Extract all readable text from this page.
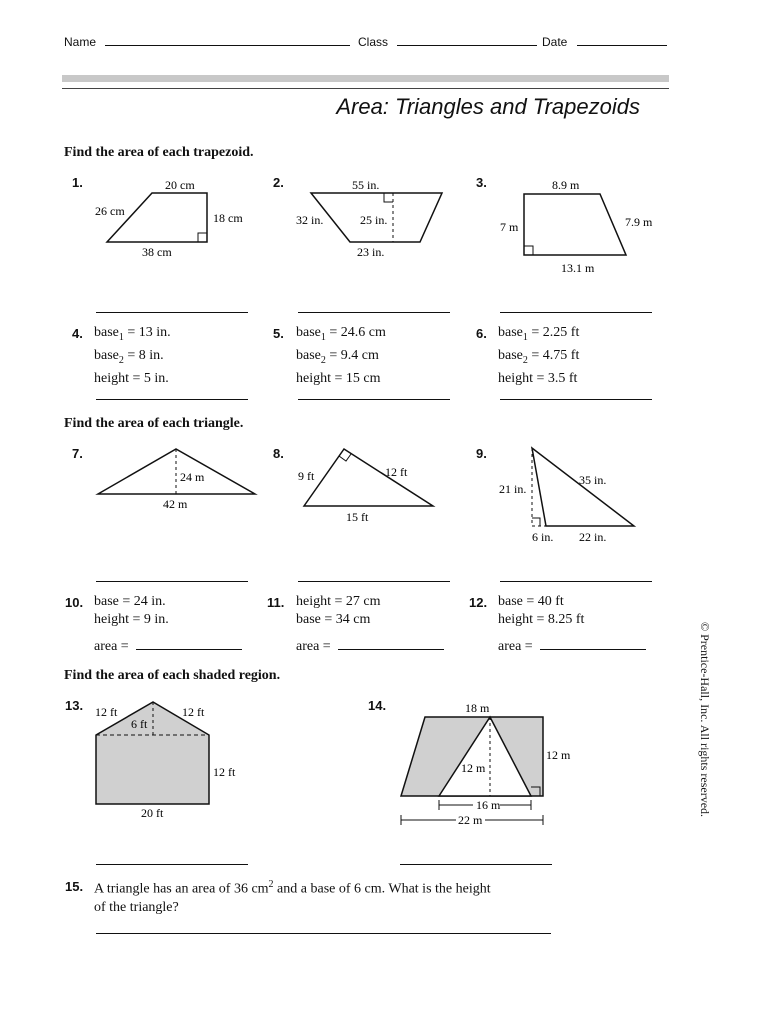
Name	Class	Date
Area: Triangles and Trapezoids
Find the area of each trapezoid.
1.	20 cm
26 cm	18 cm
38 cm
2.	55 in.
32 in.	25 in.
23 in.
3.	8.9 m
7 m	7.9 m
13.1 m
4. base$_1$ = 13 in.
base$_2$ = 8 in.
height = 5 in.
5. base$_1$ = 24.6 cm
base$_2$ = 9.4 cm
height = 15 cm
6. base$_1$ = 2.25 ft
base$_2$ = 4.75 ft
height = 3.5 ft
Find the area of each triangle.
7.
24 m
42 m
8.
9 ft	12 ft
15 ft
9.
21 in.
35 in.
6 in. 22 in.
10. base = 24 in.
height = 9 in.
area =
11. height = 27 cm
base = 34 cm
area =
12. base = 40 ft
height = 8.25 ft
area =
Find the area of each shaded region.
13. 12 ft	12 ft
6 ft
12 ft
20 ft
14.	18 m
12 m
12 m
16 m
22 m
15. A triangle has an area of 36 $cm^2$ and a base of 6 cm. What is the height
of the triangle?
© Prentice-Hall, Inc. All rights reserved.
